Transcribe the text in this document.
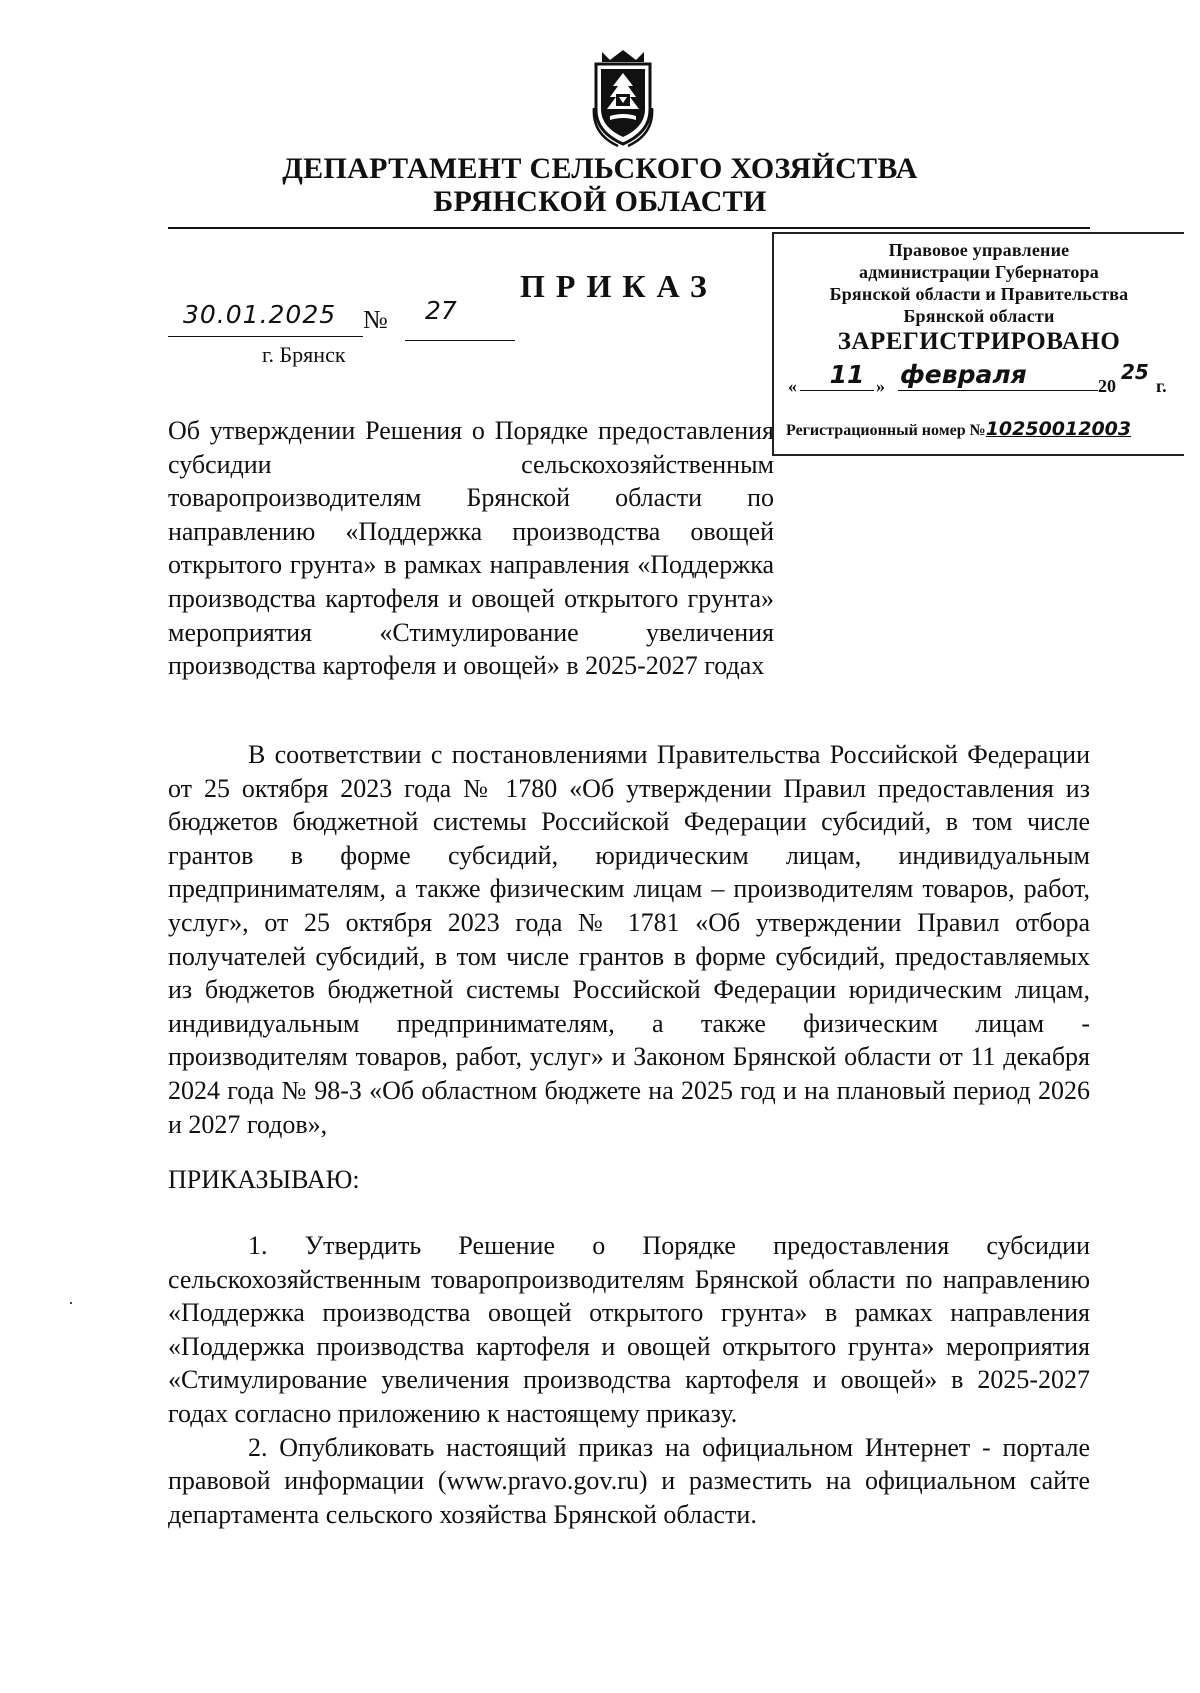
ДЕПАРТАМЕНТ СЕЛЬСКОГО ХОЗЯЙСТВА
БРЯНСКОЙ ОБЛАСТИ
ПРИКАЗ
30.01.2025 № 27
г. Брянск
Правовое управление
администрации Губернатора
Брянской области и Правительства
Брянской области
ЗАРЕГИСТРИРОВАНО
«	11 » февраля	20
25
г.
Регистрационный номер №10250012003

Об утверждении Решения о Порядке предоставления субсидии сельскохозяйственным товаропроизводителям Брянской области по направлению «Поддержка производства овощей открытого грунта» в рамках направления «Поддержка производства картофеля и овощей открытого грунта» мероприятия «Стимулирование увеличения производства картофеля и овощей» в 2025-2027 годах

В соответствии с постановлениями Правительства Российской Федерации от 25 октября 2023 года № 1780 «Об утверждении Правил предоставления из бюджетов бюджетной системы Российской Федерации субсидий, в том числе грантов в форме субсидий, юридическим лицам, индивидуальным предпринимателям, а также физическим лицам – производителям товаров, работ, услуг», от 25 октября 2023 года № 1781 «Об утверждении Правил отбора получателей субсидий, в том числе грантов в форме субсидий, предоставляемых из бюджетов бюджетной системы Российской Федерации юридическим лицам, индивидуальным предпринимателям, а также физическим лицам - производителям товаров, работ, услуг» и Законом Брянской области от 11 декабря 2024 года № 98-З «Об областном бюджете на 2025 год и на плановый период 2026 и 2027 годов»,

ПРИКАЗЫВАЮ:

1. Утвердить Решение о Порядке предоставления субсидии сельскохозяйственным товаропроизводителям Брянской области по направлению «Поддержка производства овощей открытого грунта» в рамках направления «Поддержка производства картофеля и овощей открытого грунта» мероприятия «Стимулирование увеличения производства картофеля и овощей» в 2025-2027 годах согласно приложению к настоящему приказу.

2. Опубликовать настоящий приказ на официальном Интернет - портале правовой информации (www.pravo.gov.ru) и разместить на официальном сайте департамента сельского хозяйства Брянской области.
